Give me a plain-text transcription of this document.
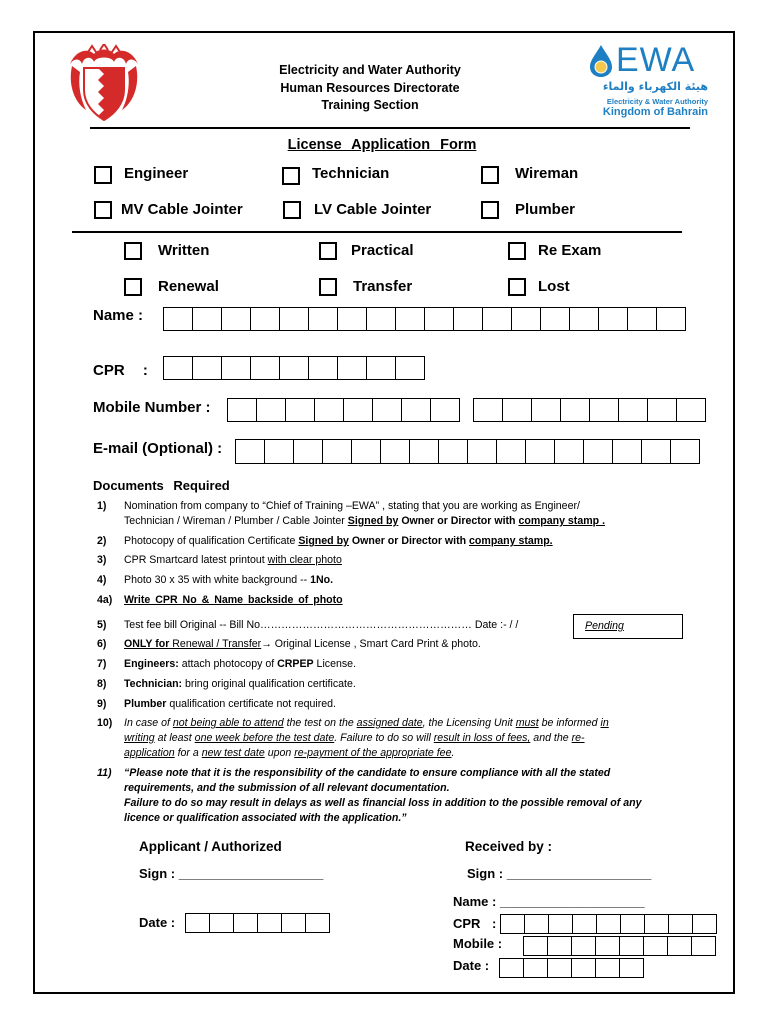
Electricity and Water Authority
Human Resources Directorate
Training Section
EWA
هيئة الكهرباء والماء
Electricity & Water Authority
Kingdom of Bahrain
License Application Form
Engineer	Technician	Wireman
MV Cable Jointer	LV Cable Jointer	Plumber
Written	Practical	Re Exam
Renewal	Transfer	Lost
Name :
CPR :
Mobile Number :
E-mail (Optional) :
Documents Required
1) Nomination from company to “Chief of Training –EWA” , stating that you are working as Engineer/
Technician / Wireman / Plumber / Cable Jointer Signed by Owner or Director with company stamp .
2) Photocopy of qualification Certificate Signed by Owner or Director with company stamp.
3) CPR Smartcard latest printout with clear photo
4) Photo 30 x 35 with white background -- 1No.
4a) Write CPR No & Name backside of photo
5) Test fee bill Original -- Bill No…………………………………………………… Date :- / /	Pending
6) ONLY for Renewal / Transfer→ Original License , Smart Card Print & photo.
7) Engineers: attach photocopy of CRPEP License.
8) Technician: bring original qualification certificate.
9) Plumber qualification certificate not required.
10) In case of not being able to attend the test on the assigned date, the Licensing Unit must be informed in
writing at least one week before the test date. Failure to do so will result in loss of fees, and the re-
application for a new test date upon re-payment of the appropriate fee.
11) “Please note that it is the responsibility of the candidate to ensure compliance with all the stated
requirements, and the submission of all relevant documentation.
Failure to do so may result in delays as well as financial loss in addition to the possible removal of any
licence or qualification associated with the application.”
Applicant / Authorized
Sign : ____________________
Date :
Received by :
Sign : ____________________
Name : ____________________
CPR :
Mobile :
Date :
